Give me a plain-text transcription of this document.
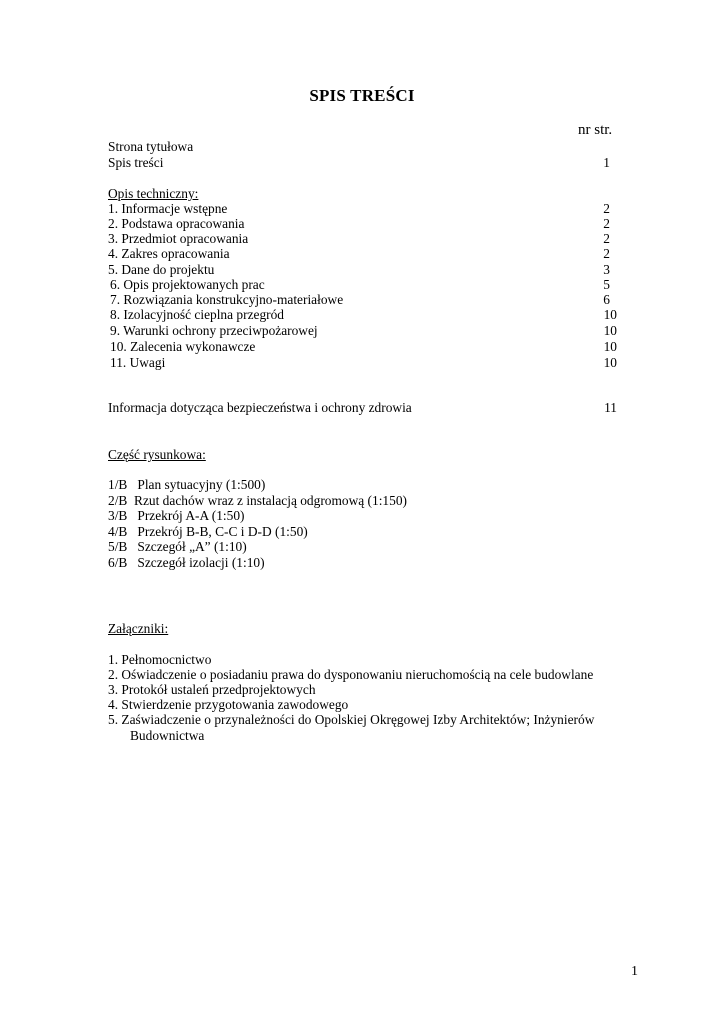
SPIS TREŚCI
nr str.
Strona tytułowa
Spis treści	1
Opis techniczny:
1. Informacje wstępne	2
2. Podstawa opracowania	2
3. Przedmiot opracowania	2
4. Zakres opracowania	2
5. Dane do projektu	3
6. Opis projektowanych prac	5
7. Rozwiązania konstrukcyjno-materiałowe	6
8. Izolacyjność cieplna przegród	10
9. Warunki ochrony przeciwpożarowej	10
10. Zalecenia wykonawcze	10
11. Uwagi	10
Informacja dotycząca bezpieczeństwa i ochrony zdrowia	11
Część rysunkowa:
1/B   Plan sytuacyjny (1:500)
2/B  Rzut dachów wraz z instalacją odgromową (1:150)
3/B   Przekrój A-A (1:50)
4/B   Przekrój B-B, C-C i D-D (1:50)
5/B   Szczegół „A” (1:10)
6/B   Szczegół izolacji (1:10)
Załączniki:
1. Pełnomocnictwo
2. Oświadczenie o posiadaniu prawa do dysponowaniu nieruchomością na cele budowlane
3. Protokół ustaleń przedprojektowych
4. Stwierdzenie przygotowania zawodowego
5. Zaświadczenie o przynależności do Opolskiej Okręgowej Izby Architektów; Inżynierów
Budownictwa
1
